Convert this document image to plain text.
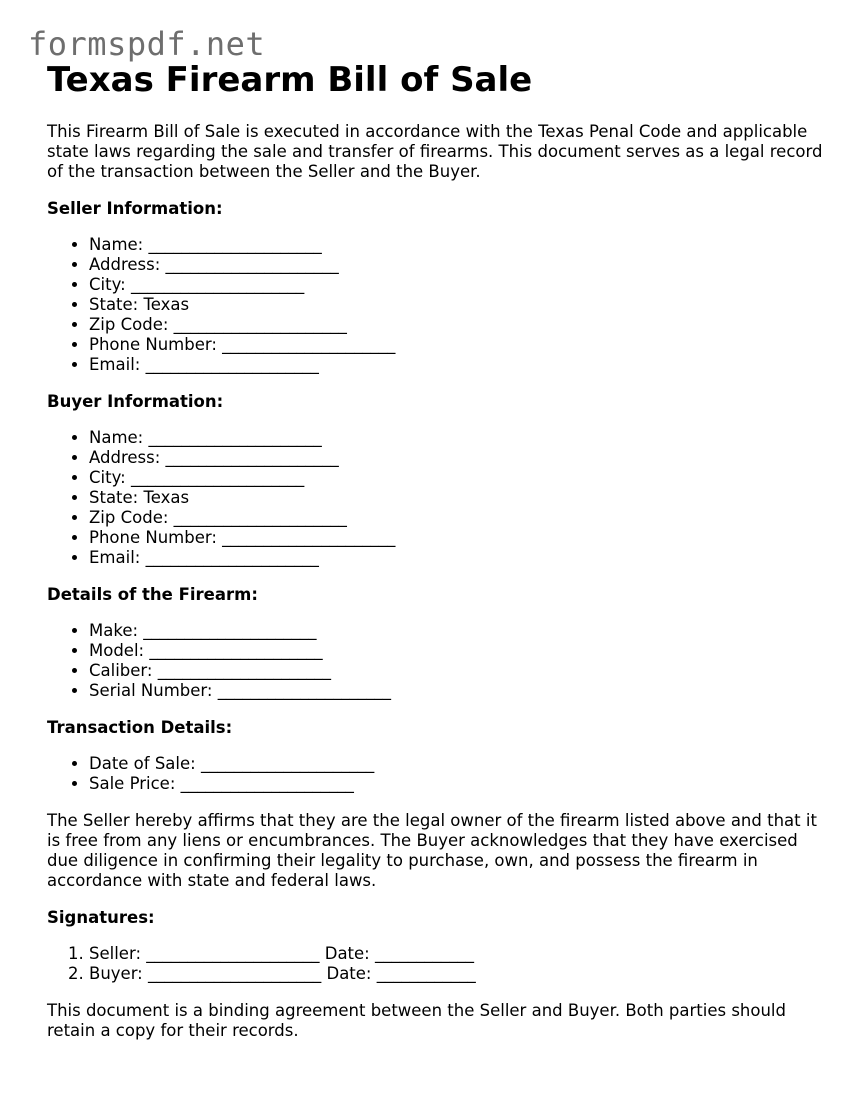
formspdf.net
Texas Firearm Bill of Sale

This Firearm Bill of Sale is executed in accordance with the Texas Penal Code and applicable state laws regarding the sale and transfer of firearms. This document serves as a legal record of the transaction between the Seller and the Buyer.

Seller Information:
• Name: _____________________
• Address: _____________________
• City: _____________________
• State: Texas
• Zip Code: _____________________
• Phone Number: _____________________
• Email: _____________________
Buyer Information:
• Name: _____________________
• Address: _____________________
• City: _____________________
• State: Texas
• Zip Code: _____________________
• Phone Number: _____________________
• Email: _____________________
Details of the Firearm:
• Make: _____________________
• Model: _____________________
• Caliber: _____________________
• Serial Number: _____________________
Transaction Details:
• Date of Sale: _____________________
• Sale Price: _____________________

The Seller hereby affirms that they are the legal owner of the firearm listed above and that it is free from any liens or encumbrances. The Buyer acknowledges that they have exercised due diligence in confirming their legality to purchase, own, and possess the firearm in accordance with state and federal laws.

Signatures:
1. Seller: _____________________ Date: ____________
2. Buyer: _____________________ Date: ____________

This document is a binding agreement between the Seller and Buyer. Both parties should retain a copy for their records.
